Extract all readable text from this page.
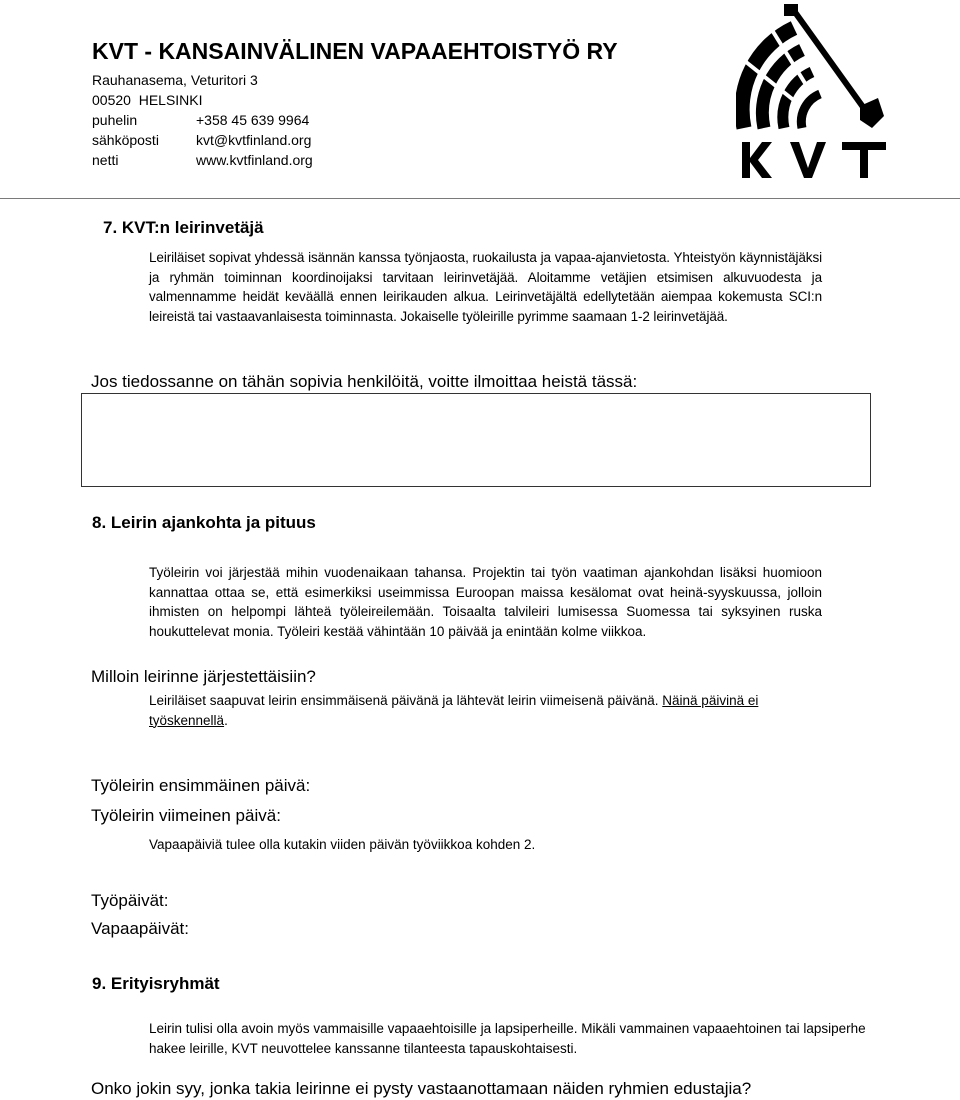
KVT - KANSAINVÄLINEN VAPAAEHTOISTYÖ RY
Rauhanasema, Veturitori 3
00520  HELSINKI
puhelin	+358 45 639 9964
sähköposti	kvt@kvtfinland.org
netti	www.kvtfinland.org
7. KVT:n leirinvetäjä
Leiriläiset sopivat yhdessä isännän kanssa työnjaosta, ruokailusta ja vapaa-ajanvietosta. Yhteistyön käynnistäjäksi ja ryhmän toiminnan koordinoijaksi tarvitaan leirinvetäjää. Aloitamme vetäjien etsimisen alkuvuodesta ja valmennamme heidät keväällä ennen leirikauden alkua. Leirinvetäjältä edellytetään aiempaa kokemusta SCI:n leireistä tai vastaavanlaisesta toiminnasta. Jokaiselle työleirille pyrimme saamaan 1-2 leirinvetäjää.
Jos tiedossanne on tähän sopivia henkilöitä, voitte ilmoittaa heistä tässä:
8. Leirin ajankohta ja pituus
Työleirin voi järjestää mihin vuodenaikaan tahansa. Projektin tai työn vaatiman ajankohdan lisäksi huomioon kannattaa ottaa se, että esimerkiksi useimmissa Euroopan maissa kesälomat ovat heinä-syyskuussa, jolloin ihmisten on helpompi lähteä työleireilemään. Toisaalta talvileiri lumisessa Suomessa tai syksyinen ruska houkuttelevat monia. Työleiri kestää vähintään 10 päivää ja enintään kolme viikkoa.
Milloin leirinne järjestettäisiin?
Leiriläiset saapuvat leirin ensimmäisenä päivänä ja lähtevät leirin viimeisenä päivänä. Näinä päivinä ei työskennellä.
Työleirin ensimmäinen päivä:
Työleirin viimeinen päivä:
Vapaapäiviä tulee olla kutakin viiden päivän työviikkoa kohden 2.
Työpäivät:
Vapaapäivät:
9. Erityisryhmät
Leirin tulisi olla avoin myös vammaisille vapaaehtoisille ja lapsiperheille. Mikäli vammainen vapaaehtoinen tai lapsiperhe hakee leirille, KVT neuvottelee kanssanne tilanteesta tapauskohtaisesti.
Onko jokin syy, jonka takia leirinne ei pysty vastaanottamaan näiden ryhmien edustajia?
